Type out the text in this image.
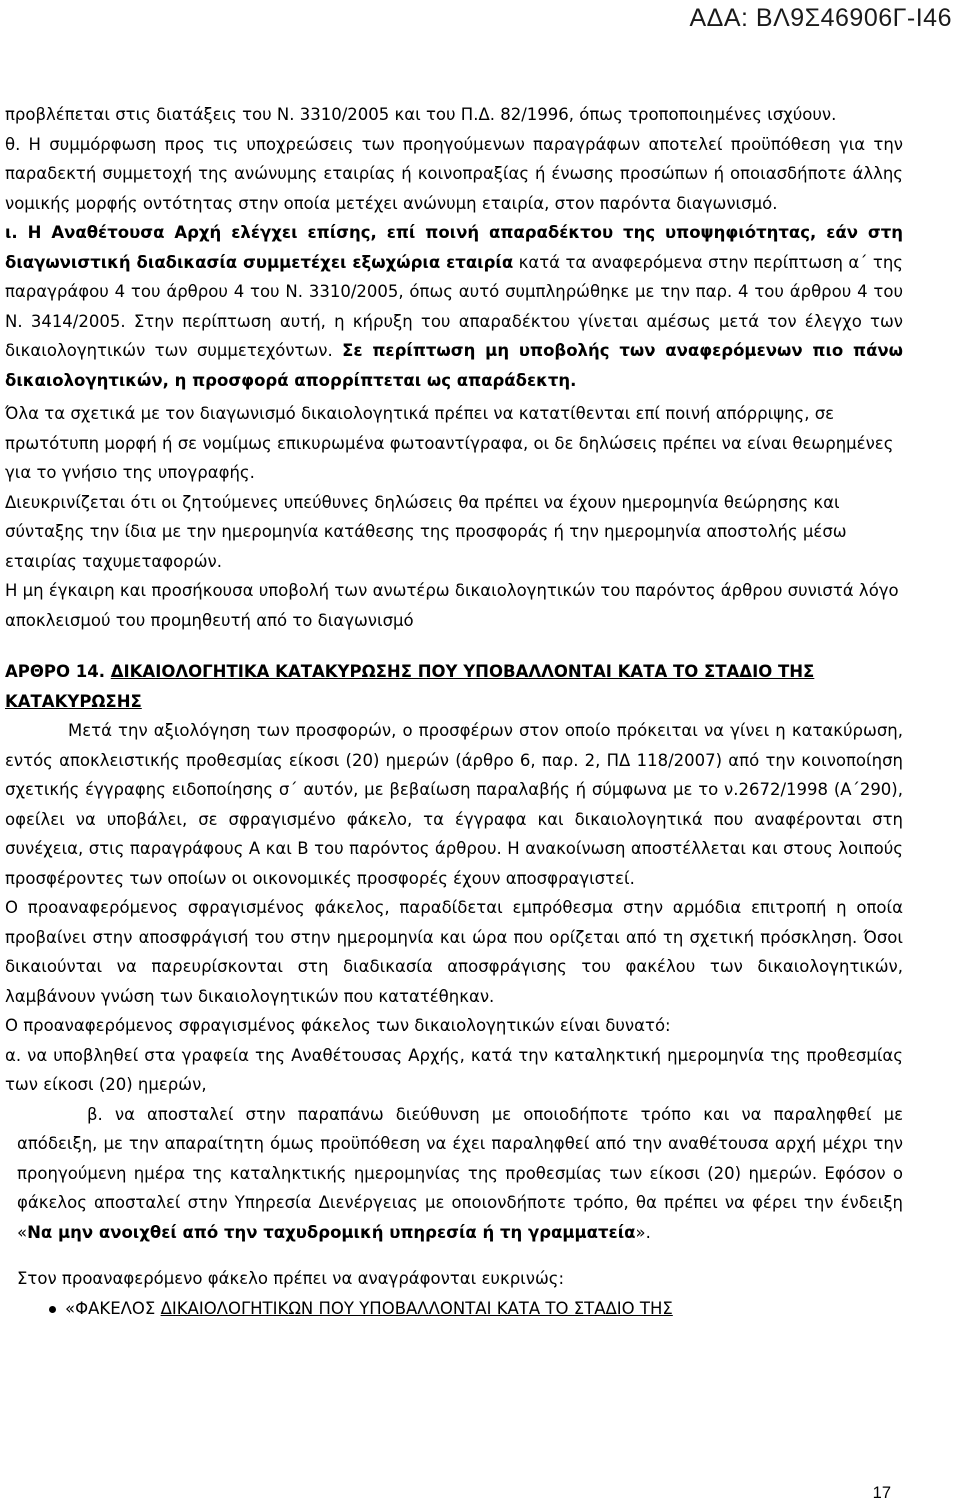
ΑΔΑ: ΒΛ9Σ46906Γ-Ι46

προβλέπεται στις διατάξεις του Ν. 3310/2005 και του Π.Δ. 82/1996, όπως τροποποιημένες ισχύουν.

θ. Η συμμόρφωση προς τις υποχρεώσεις των προηγούμενων παραγράφων αποτελεί προϋπόθεση για την παραδεκτή συμμετοχή της ανώνυμης εταιρίας ή κοινοπραξίας ή ένωσης προσώπων ή οποιασδήποτε άλλης νομικής μορφής οντότητας στην οποία μετέχει ανώνυμη εταιρία, στον παρόντα διαγωνισμό.

ι. Η Αναθέτουσα Αρχή ελέγχει επίσης, επί ποινή απαραδέκτου της υποψηφιότητας, εάν στη διαγωνιστική διαδικασία συμμετέχει εξωχώρια εταιρία κατά τα αναφερόμενα στην περίπτωση α΄ της παραγράφου 4 του άρθρου 4 του Ν. 3310/2005, όπως αυτό συμπληρώθηκε με την παρ. 4 του άρθρου 4 του Ν. 3414/2005. Στην περίπτωση αυτή, η κήρυξη του απαραδέκτου γίνεται αμέσως μετά τον έλεγχο των δικαιολογητικών των συμμετεχόντων. Σε περίπτωση μη υποβολής των αναφερόμενων πιο πάνω δικαιολογητικών, η προσφορά απορρίπτεται ως απαράδεκτη.

Όλα τα σχετικά με τον διαγωνισμό δικαιολογητικά πρέπει να κατατίθενται επί ποινή απόρριψης, σε πρωτότυπη μορφή ή σε νομίμως επικυρωμένα φωτοαντίγραφα, οι δε δηλώσεις πρέπει να είναι θεωρημένες για το γνήσιο της υπογραφής.

Διευκρινίζεται ότι οι ζητούμενες υπεύθυνες δηλώσεις θα πρέπει να έχουν ημερομηνία θεώρησης και σύνταξης την ίδια με την ημερομηνία κατάθεσης της προσφοράς ή την ημερομηνία αποστολής μέσω εταιρίας ταχυμεταφορών.

Η μη έγκαιρη και προσήκουσα υποβολή των ανωτέρω δικαιολογητικών του παρόντος άρθρου συνιστά λόγο αποκλεισμού του προμηθευτή από το διαγωνισμό

ΑΡΘΡΟ 14. ΔΙΚΑΙΟΛΟΓΗΤΙΚΑ ΚΑΤΑΚΥΡΩΣΗΣ ΠΟΥ ΥΠΟΒΑΛΛΟΝΤΑΙ ΚΑΤΑ ΤΟ ΣΤΑΔΙΟ ΤΗΣ ΚΑΤΑΚΥΡΩΣΗΣ

Μετά την αξιολόγηση των προσφορών, ο προσφέρων στον οποίο πρόκειται να γίνει η κατακύρωση, εντός αποκλειστικής προθεσμίας είκοσι (20) ημερών (άρθρο 6, παρ. 2, ΠΔ 118/2007) από την κοινοποίηση σχετικής έγγραφης ειδοποίησης σ΄ αυτόν, με βεβαίωση παραλαβής ή σύμφωνα με το ν.2672/1998 (Α΄290), οφείλει να υποβάλει, σε σφραγισμένο φάκελο, τα έγγραφα και δικαιολογητικά που αναφέρονται στη συνέχεια, στις παραγράφους Α και Β του παρόντος άρθρου. Η ανακοίνωση αποστέλλεται και στους λοιπούς προσφέροντες των οποίων οι οικονομικές προσφορές έχουν αποσφραγιστεί.

Ο προαναφερόμενος σφραγισμένος φάκελος, παραδίδεται εμπρόθεσμα στην αρμόδια επιτροπή η οποία προβαίνει στην αποσφράγισή του στην ημερομηνία και ώρα που ορίζεται από τη σχετική πρόσκληση. Όσοι δικαιούνται να παρευρίσκονται στη διαδικασία αποσφράγισης του φακέλου των δικαιολογητικών, λαμβάνουν γνώση των δικαιολογητικών που κατατέθηκαν.

Ο προαναφερόμενος σφραγισμένος φάκελος των δικαιολογητικών είναι δυνατό:

α. να υποβληθεί στα γραφεία της Αναθέτουσας Αρχής, κατά την καταληκτική ημερομηνία της προθεσμίας των είκοσι (20) ημερών,

β. να αποσταλεί στην παραπάνω διεύθυνση με οποιοδήποτε τρόπο και να παραληφθεί με απόδειξη, με την απαραίτητη όμως προϋπόθεση να έχει παραληφθεί από την αναθέτουσα αρχή μέχρι την προηγούμενη ημέρα της καταληκτικής ημερομηνίας της προθεσμίας των είκοσι (20) ημερών. Εφόσον ο φάκελος αποσταλεί στην Υπηρεσία Διενέργειας με οποιονδήποτε τρόπο, θα πρέπει να φέρει την ένδειξη «Να μην ανοιχθεί από την ταχυδρομική υπηρεσία ή τη γραμματεία».

Στον προαναφερόμενο φάκελο πρέπει να αναγράφονται ευκρινώς:

«ΦΑΚΕΛΟΣ ΔΙΚΑΙΟΛΟΓΗΤΙΚΩΝ ΠΟΥ ΥΠΟΒΑΛΛΟΝΤΑΙ ΚΑΤΑ ΤΟ ΣΤΑΔΙΟ ΤΗΣ
17
